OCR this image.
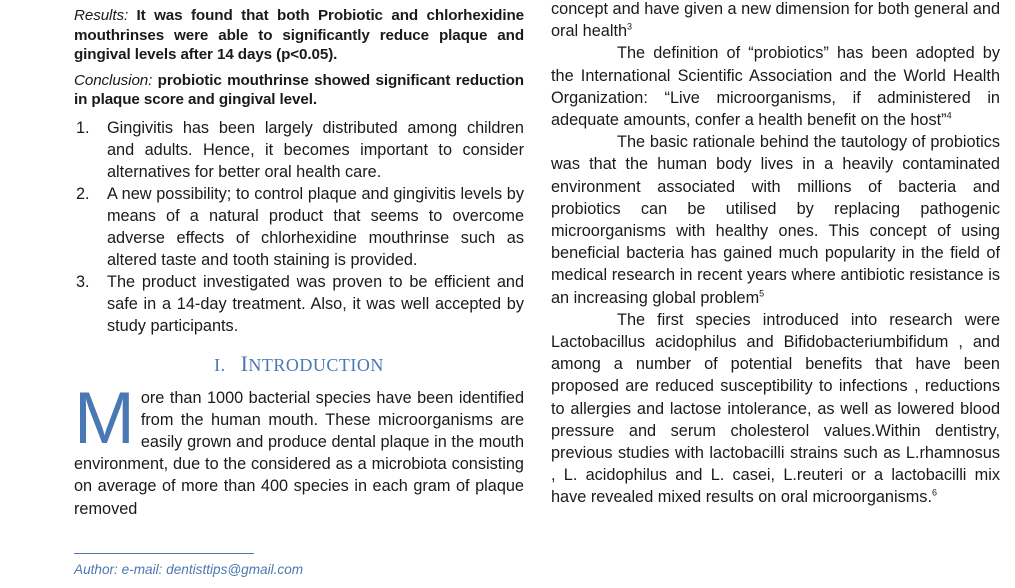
Results: It was found that both Probiotic and chlorhexidine mouthrinses were able to significantly reduce plaque and gingival levels after 14 days (p<0.05).

Conclusion: probiotic mouthrinse showed significant reduction in plaque score and gingival level.

1. Gingivitis has been largely distributed among children and adults. Hence, it becomes important to consider alternatives for better oral health care.
2. A new possibility; to control plaque and gingivitis levels by means of a natural product that seems to overcome adverse effects of chlorhexidine mouthrinse such as altered taste and tooth staining is provided.
3. The product investigated was proven to be efficient and safe in a 14-day treatment. Also, it was well accepted by study participants.
I. INTRODUCTION

More than 1000 bacterial species have been identified from the human mouth. These microorganisms are easily grown and produce dental plaque in the mouth environment, due to the considered as a microbiota consisting on average of more than 400 species in each gram of plaque removed

Author: e-mail: dentisttips@gmail.com

concept and have given a new dimension for both general and oral health$^3$

The definition of “probiotics” has been adopted by the International Scientific Association and the World Health Organization: “Live microorganisms, if administered in adequate amounts, confer a health benefit on the host”$^4$

The basic rationale behind the tautology of probiotics was that the human body lives in a heavily contaminated environment associated with millions of bacteria and probiotics can be utilised by replacing pathogenic microorganisms with healthy ones. This concept of using beneficial bacteria has gained much popularity in the field of medical research in recent years where antibiotic resistance is an increasing global problem$^5$

The first species introduced into research were Lactobacillus acidophilus and Bifidobacteriumbifidum , and among a number of potential benefits that have been proposed are reduced susceptibility to infections , reductions to allergies and lactose intolerance, as well as lowered blood pressure and serum cholesterol values.Within dentistry, previous studies with lactobacilli strains such as L.rhamnosus , L. acidophilus and L. casei, L.reuteri or a lactobacilli mix have revealed mixed results on oral microorganisms.$^6$
